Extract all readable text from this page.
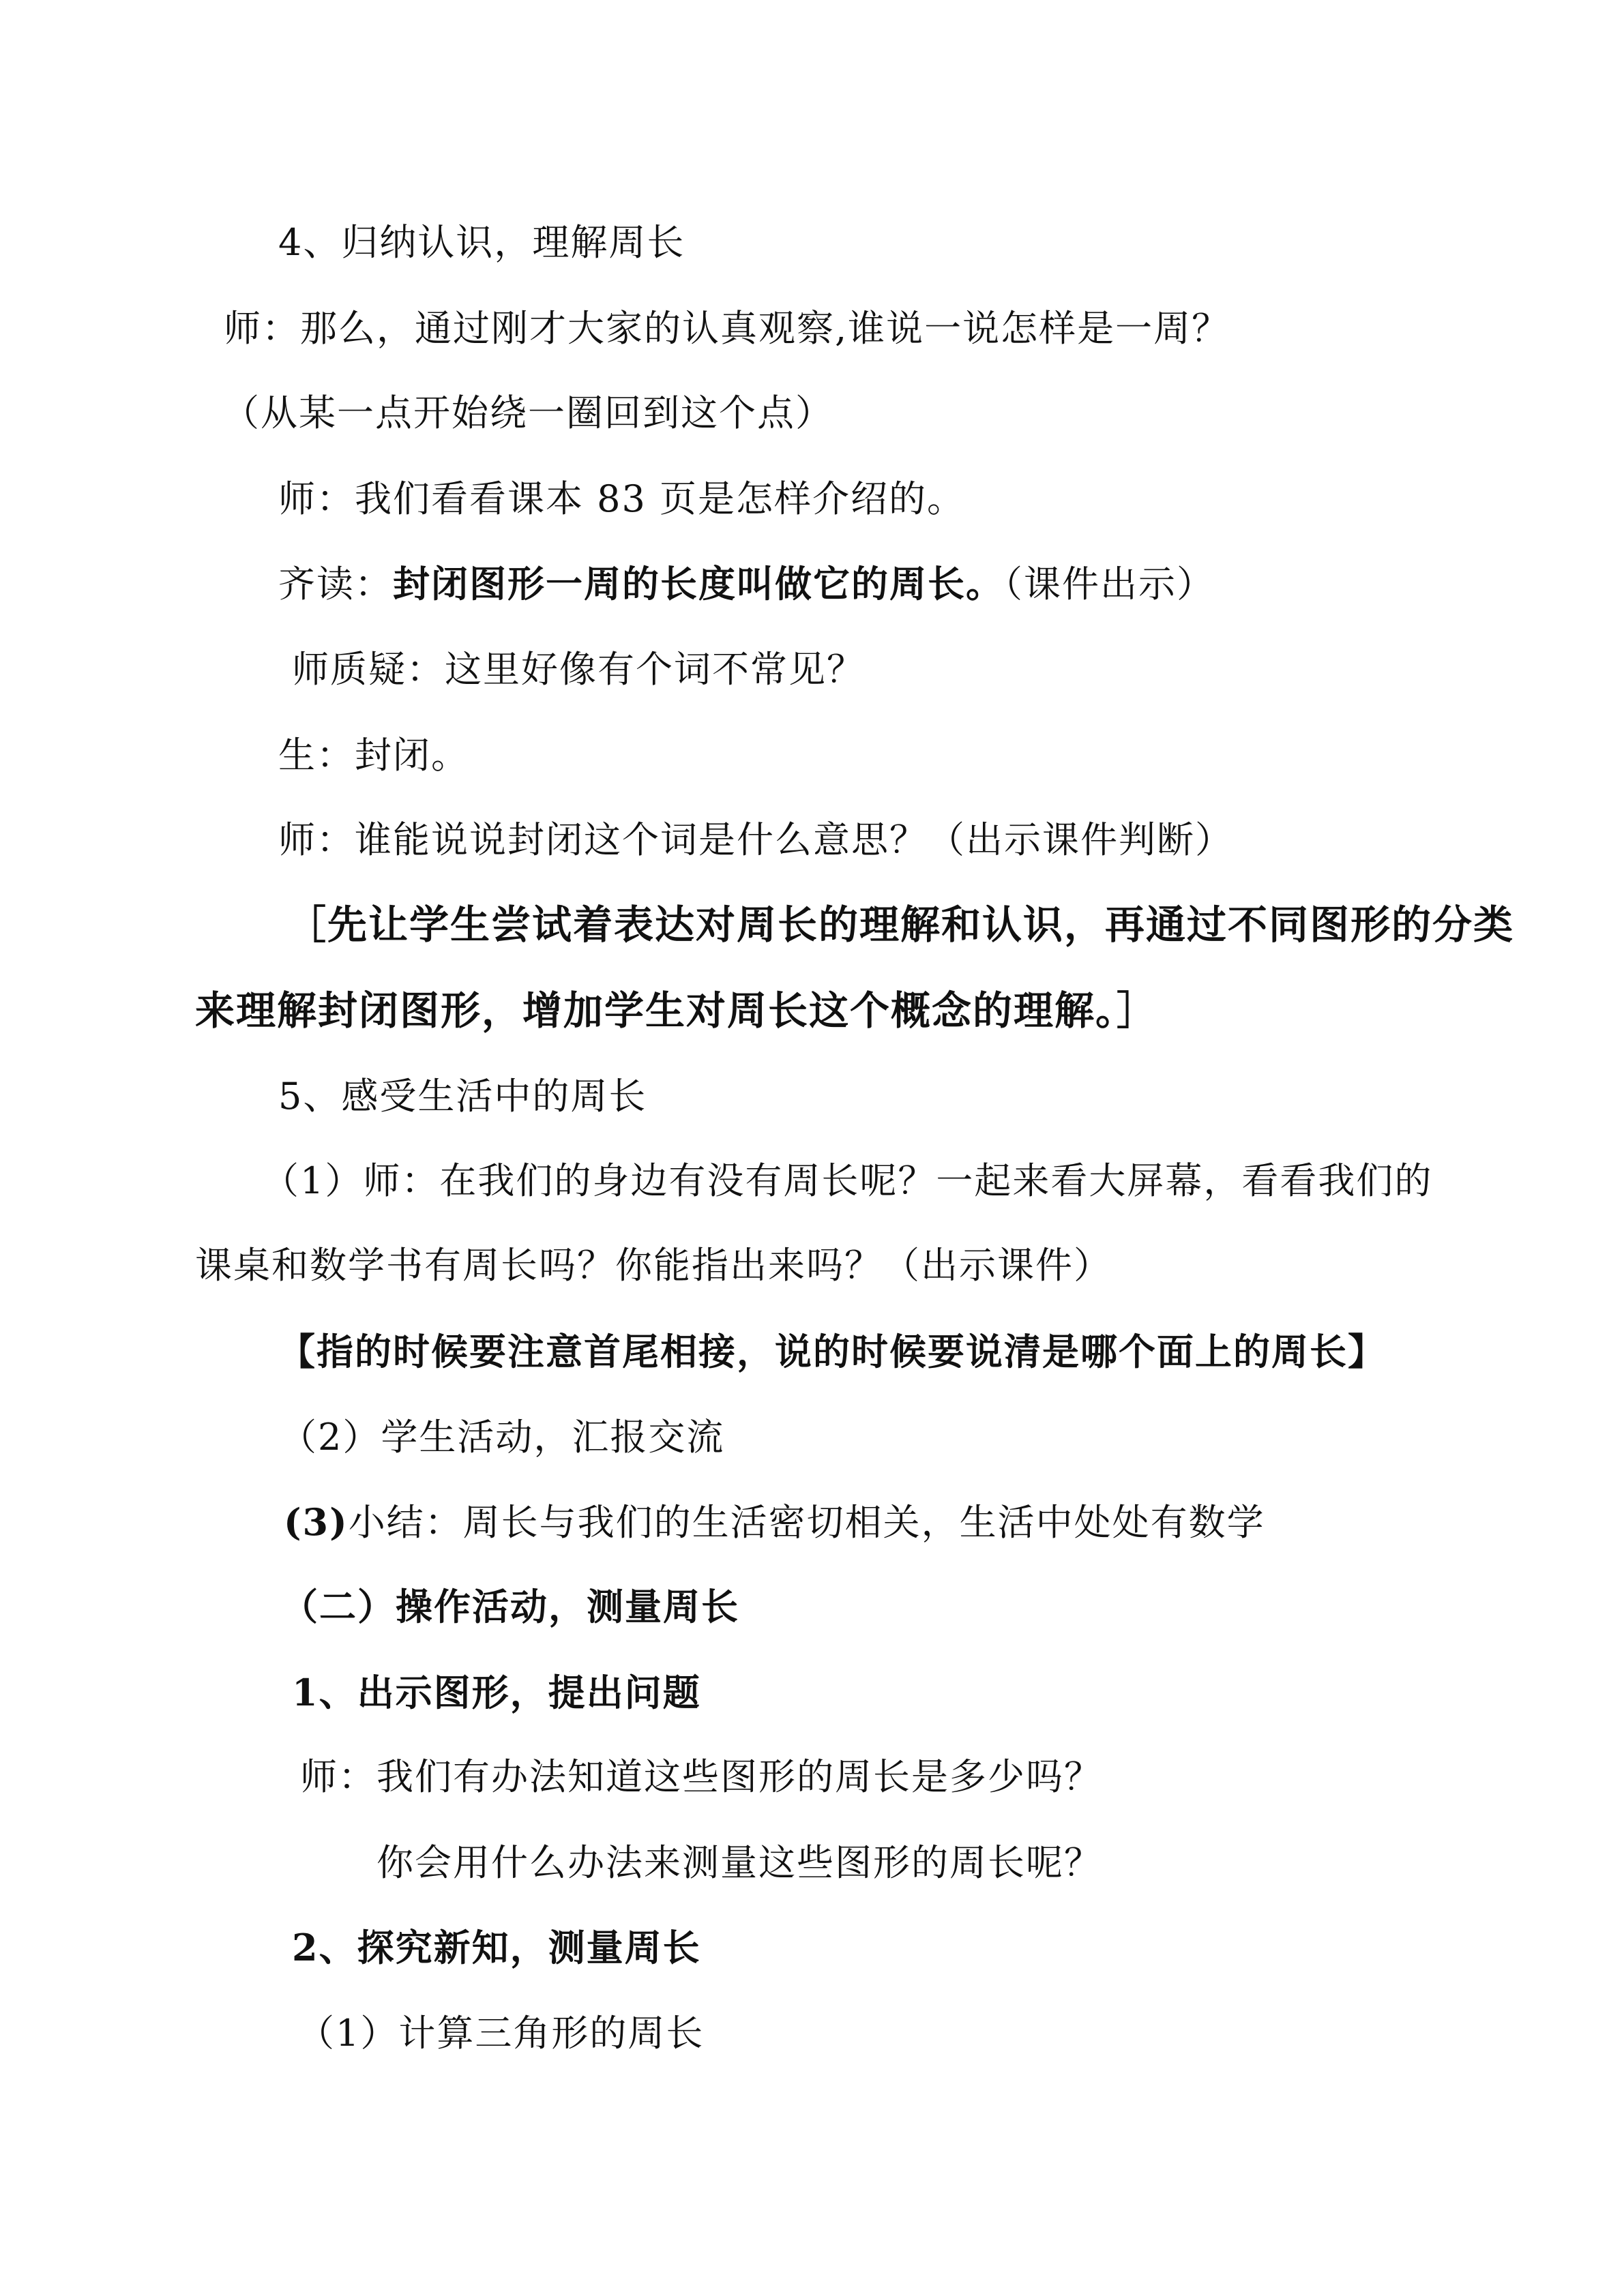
4、归纳认识，理解周长
师：那么，通过刚才大家的认真观察,谁说一说怎样是一周？
（从某一点开始绕一圈回到这个点）
师：我们看看课本 83 页是怎样介绍的。
齐读：封闭图形一周的长度叫做它的周长。（课件出示）
师质疑：这里好像有个词不常见？
生：封闭。
师：谁能说说封闭这个词是什么意思？（出示课件判断）
［先让学生尝试着表达对周长的理解和认识，再通过不同图形的分类
来理解封闭图形，增加学生对周长这个概念的理解。］
5、感受生活中的周长
（1）师：在我们的身边有没有周长呢？一起来看大屏幕，看看我们的
课桌和数学书有周长吗？你能指出来吗？（出示课件）
【指的时候要注意首尾相接，说的时候要说清是哪个面上的周长】
（2）学生活动，汇报交流
(3)小结：周长与我们的生活密切相关，生活中处处有数学
（二）操作活动，测量周长
1、出示图形，提出问题
师：我们有办法知道这些图形的周长是多少吗？
你会用什么办法来测量这些图形的周长呢？
2、探究新知，测量周长
（1）计算三角形的周长
